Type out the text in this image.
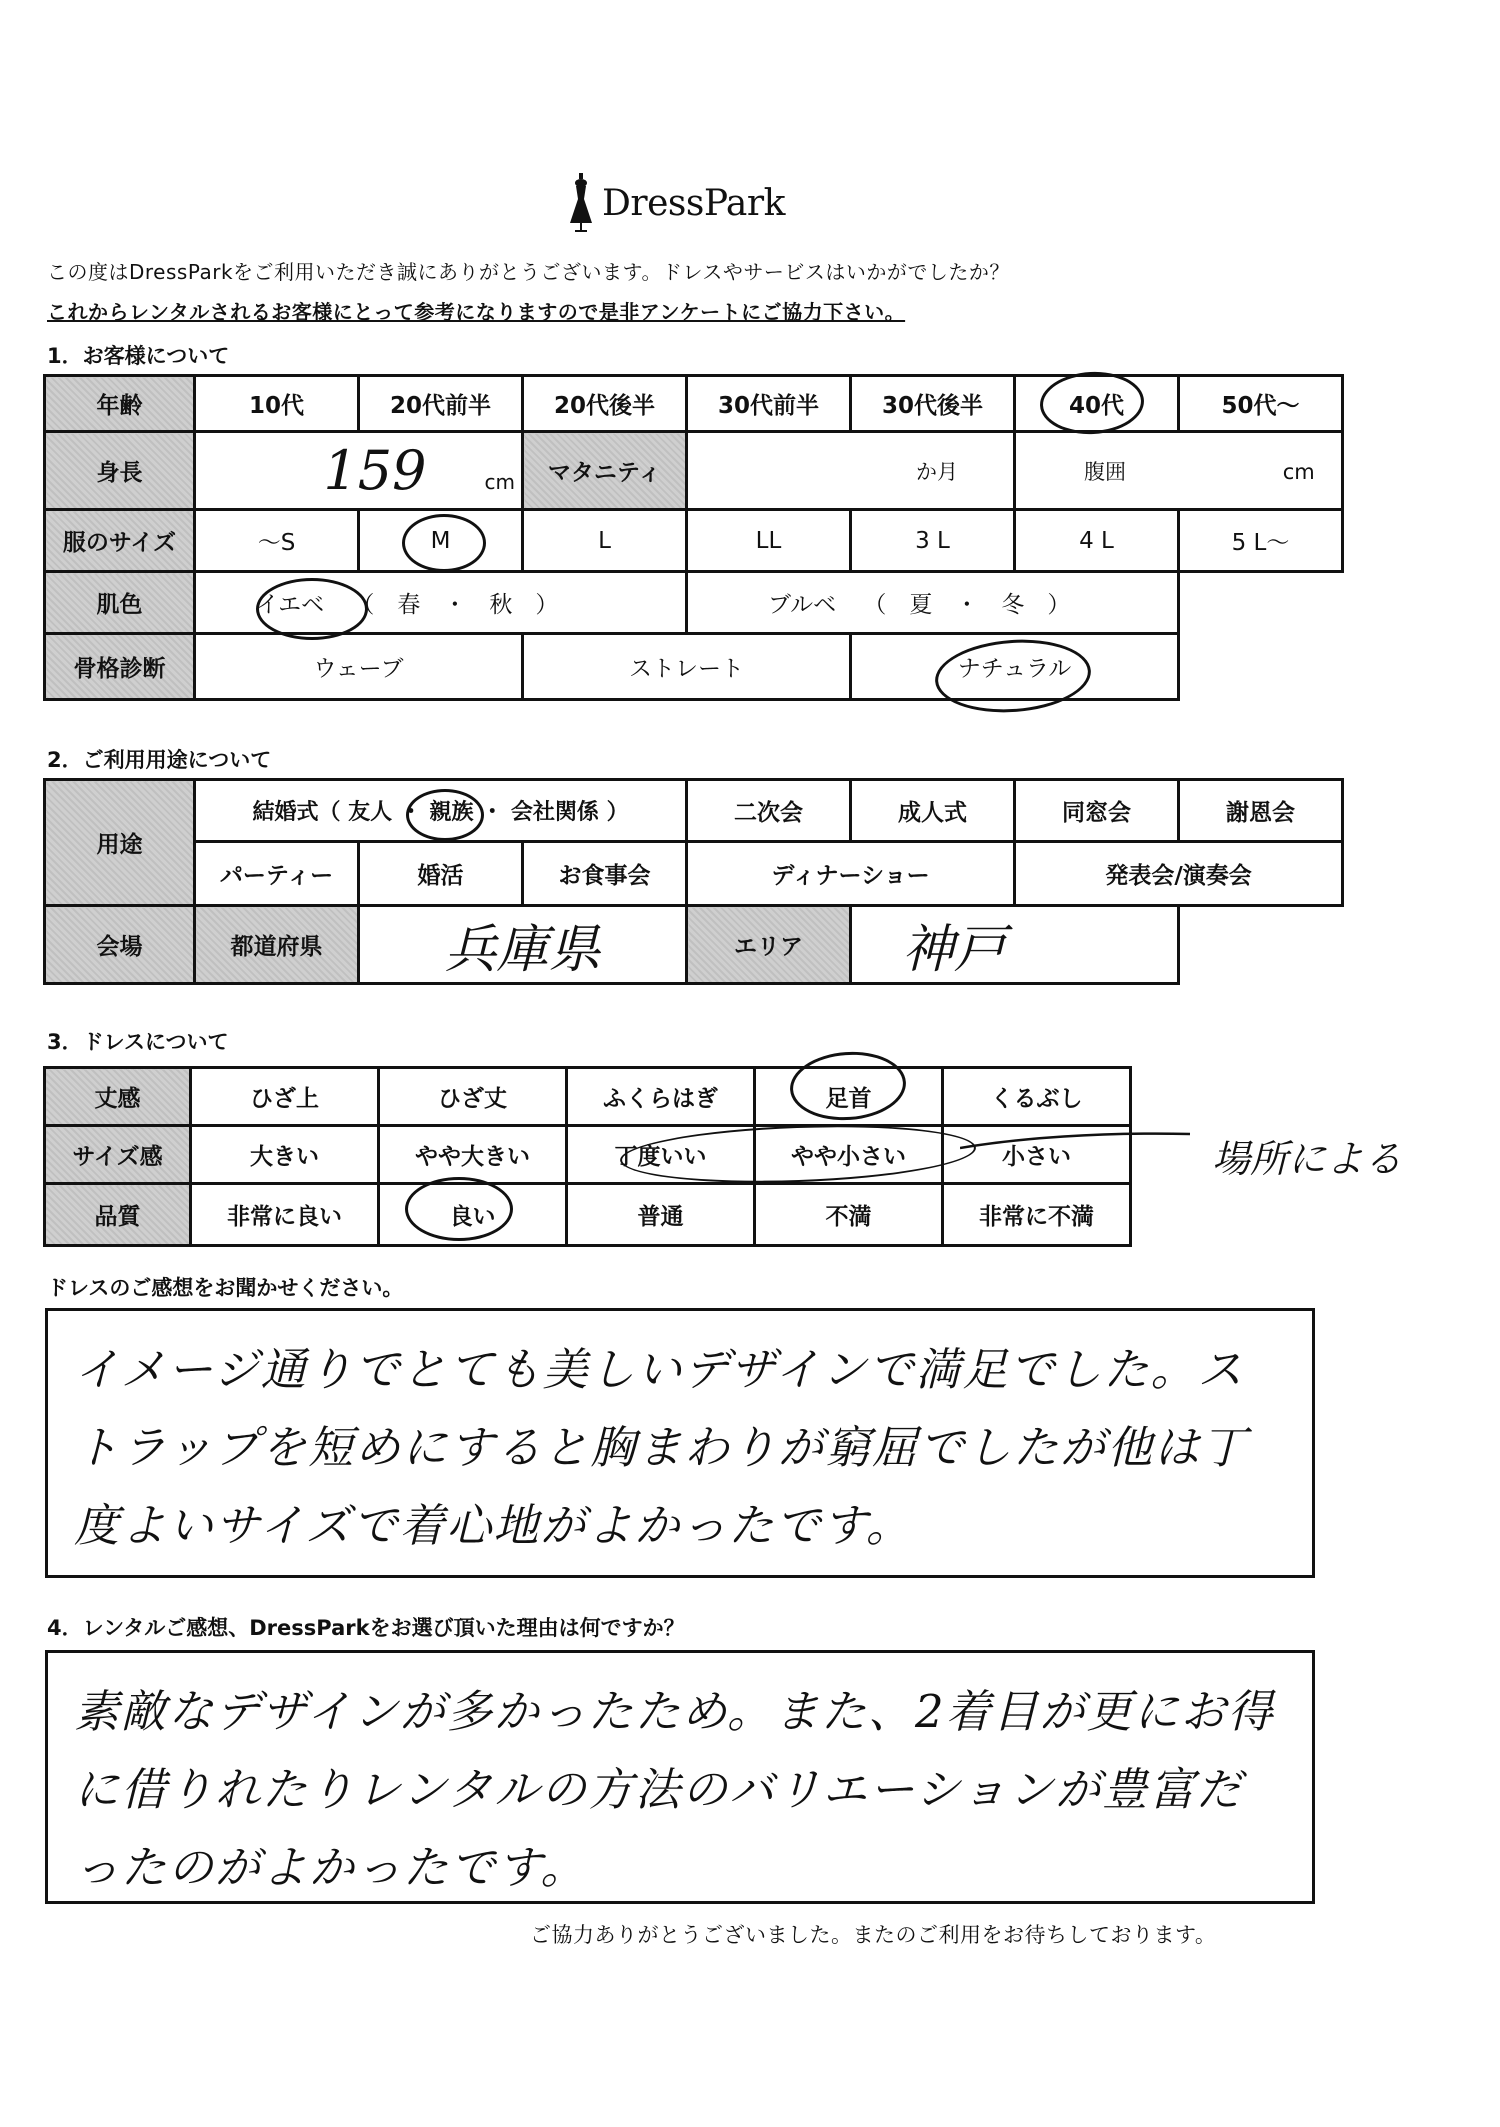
DressPark
この度はDressParkをご利用いただき誠にありがとうございます。ドレスやサービスはいかがでしたか？
これからレンタルされるお客様にとって参考になりますので是非アンケートにご協力下さい。
1．お客様について
年齢	10代	20代前半	20代後半	30代前半	30代後半	40代	50代～
身長	159 cm		マタニティ	か月		腹囲 cm	
服のサイズ	～S	M	L	LL	3 L	4 L	5 L～
肌色	イエベ （　春　・　秋　）			ブルベ （　夏　・　冬　）			
骨格診断	ウェーブ		ストレート		ナチュラル		
2．ご利用用途について
用途	結婚式（ 友人 ・ 親族 ・ 会社関係 ）			二次会	成人式	同窓会	謝恩会
	パーティー	婚活	お食事会	ディナーショー		発表会/演奏会	
会場	都道府県	兵庫県		エリア	神戸		
3．ドレスについて
丈感	ひざ上	ひざ丈	ふくらはぎ	足首	くるぶし
サイズ感	大きい	やや大きい	丁度いい	やや小さい	小さい
品質	非常に良い	良い	普通	不満	非常に不満
場所による
ドレスのご感想をお聞かせください。
イメージ通りでとても美しいデザインで満足でした。ストラップを短めにすると胸まわりが窮屈でしたが他は丁度よいサイズで着心地がよかったです。
4．レンタルご感想、DressParkをお選び頂いた理由は何ですか？
素敵なデザインが多かったため。また、2着目が更にお得に借りれたりレンタルの方法のバリエーションが豊富だったのがよかったです。
ご協力ありがとうございました。またのご利用をお待ちしております。
